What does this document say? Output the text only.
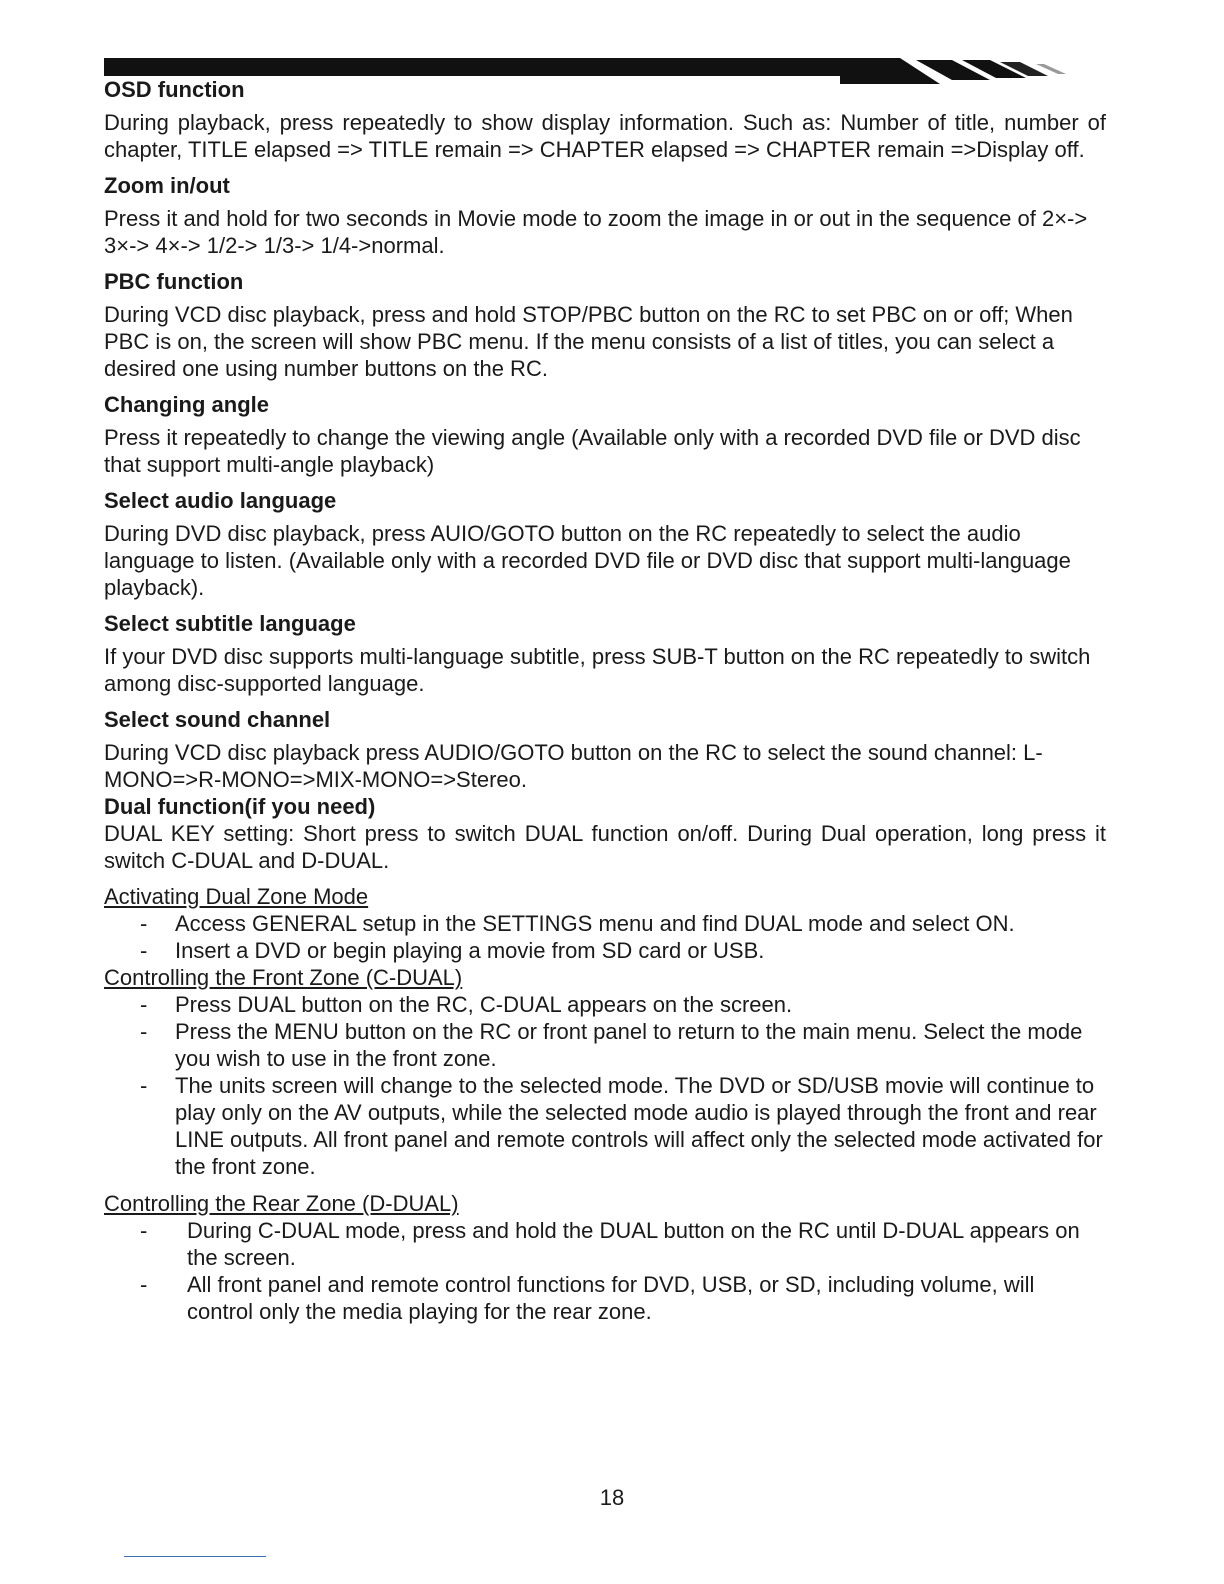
OSD function

During playback, press repeatedly to show display information. Such as: Number of title, number of chapter, TITLE elapsed => TITLE remain => CHAPTER elapsed => CHAPTER remain =>Display off.

Zoom in/out

Press it and hold for two seconds in Movie mode to zoom the image in or out in the sequence of 2×-> 3×-> 4×-> 1/2-> 1/3-> 1/4->normal.

PBC function

During VCD disc playback, press and hold STOP/PBC button on the RC to set PBC on or off; When PBC is on, the screen will show PBC menu. If the menu consists of a list of titles, you can select a desired one using number buttons on the RC.

Changing angle

Press it repeatedly to change the viewing angle (Available only with a recorded DVD file or DVD disc that support multi-angle playback)

Select audio language

During DVD disc playback, press AUIO/GOTO button on the RC repeatedly to select the audio language to listen. (Available only with a recorded DVD file or DVD disc that support multi-language playback).

Select subtitle language

If your DVD disc supports multi-language subtitle, press SUB-T button on the RC repeatedly to switch among disc-supported language.

Select sound channel

During VCD disc playback press AUDIO/GOTO button on the RC to select the sound channel: L-MONO=>R-MONO=>MIX-MONO=>Stereo.

Dual function(if you need)

DUAL KEY setting: Short press to switch DUAL function on/off. During Dual operation, long press it switch C-DUAL and D-DUAL.

Activating Dual Zone Mode

- Access GENERAL setup in the SETTINGS menu and find DUAL mode and select ON.
- Insert a DVD or begin playing a movie from SD card or USB.

Controlling the Front Zone (C-DUAL)

- Press DUAL button on the RC, C-DUAL appears on the screen.
- Press the MENU button on the RC or front panel to return to the main menu. Select the mode you wish to use in the front zone.
- The units screen will change to the selected mode. The DVD or SD/USB movie will continue to play only on the AV outputs, while the selected mode audio is played through the front and rear LINE outputs. All front panel and remote controls will affect only the selected mode activated for the front zone.

Controlling the Rear Zone (D-DUAL)

- During C-DUAL mode, press and hold the DUAL button on the RC until D-DUAL appears on the screen.
- All front panel and remote control functions for DVD, USB, or SD, including volume, will control only the media playing for the rear zone.
18
